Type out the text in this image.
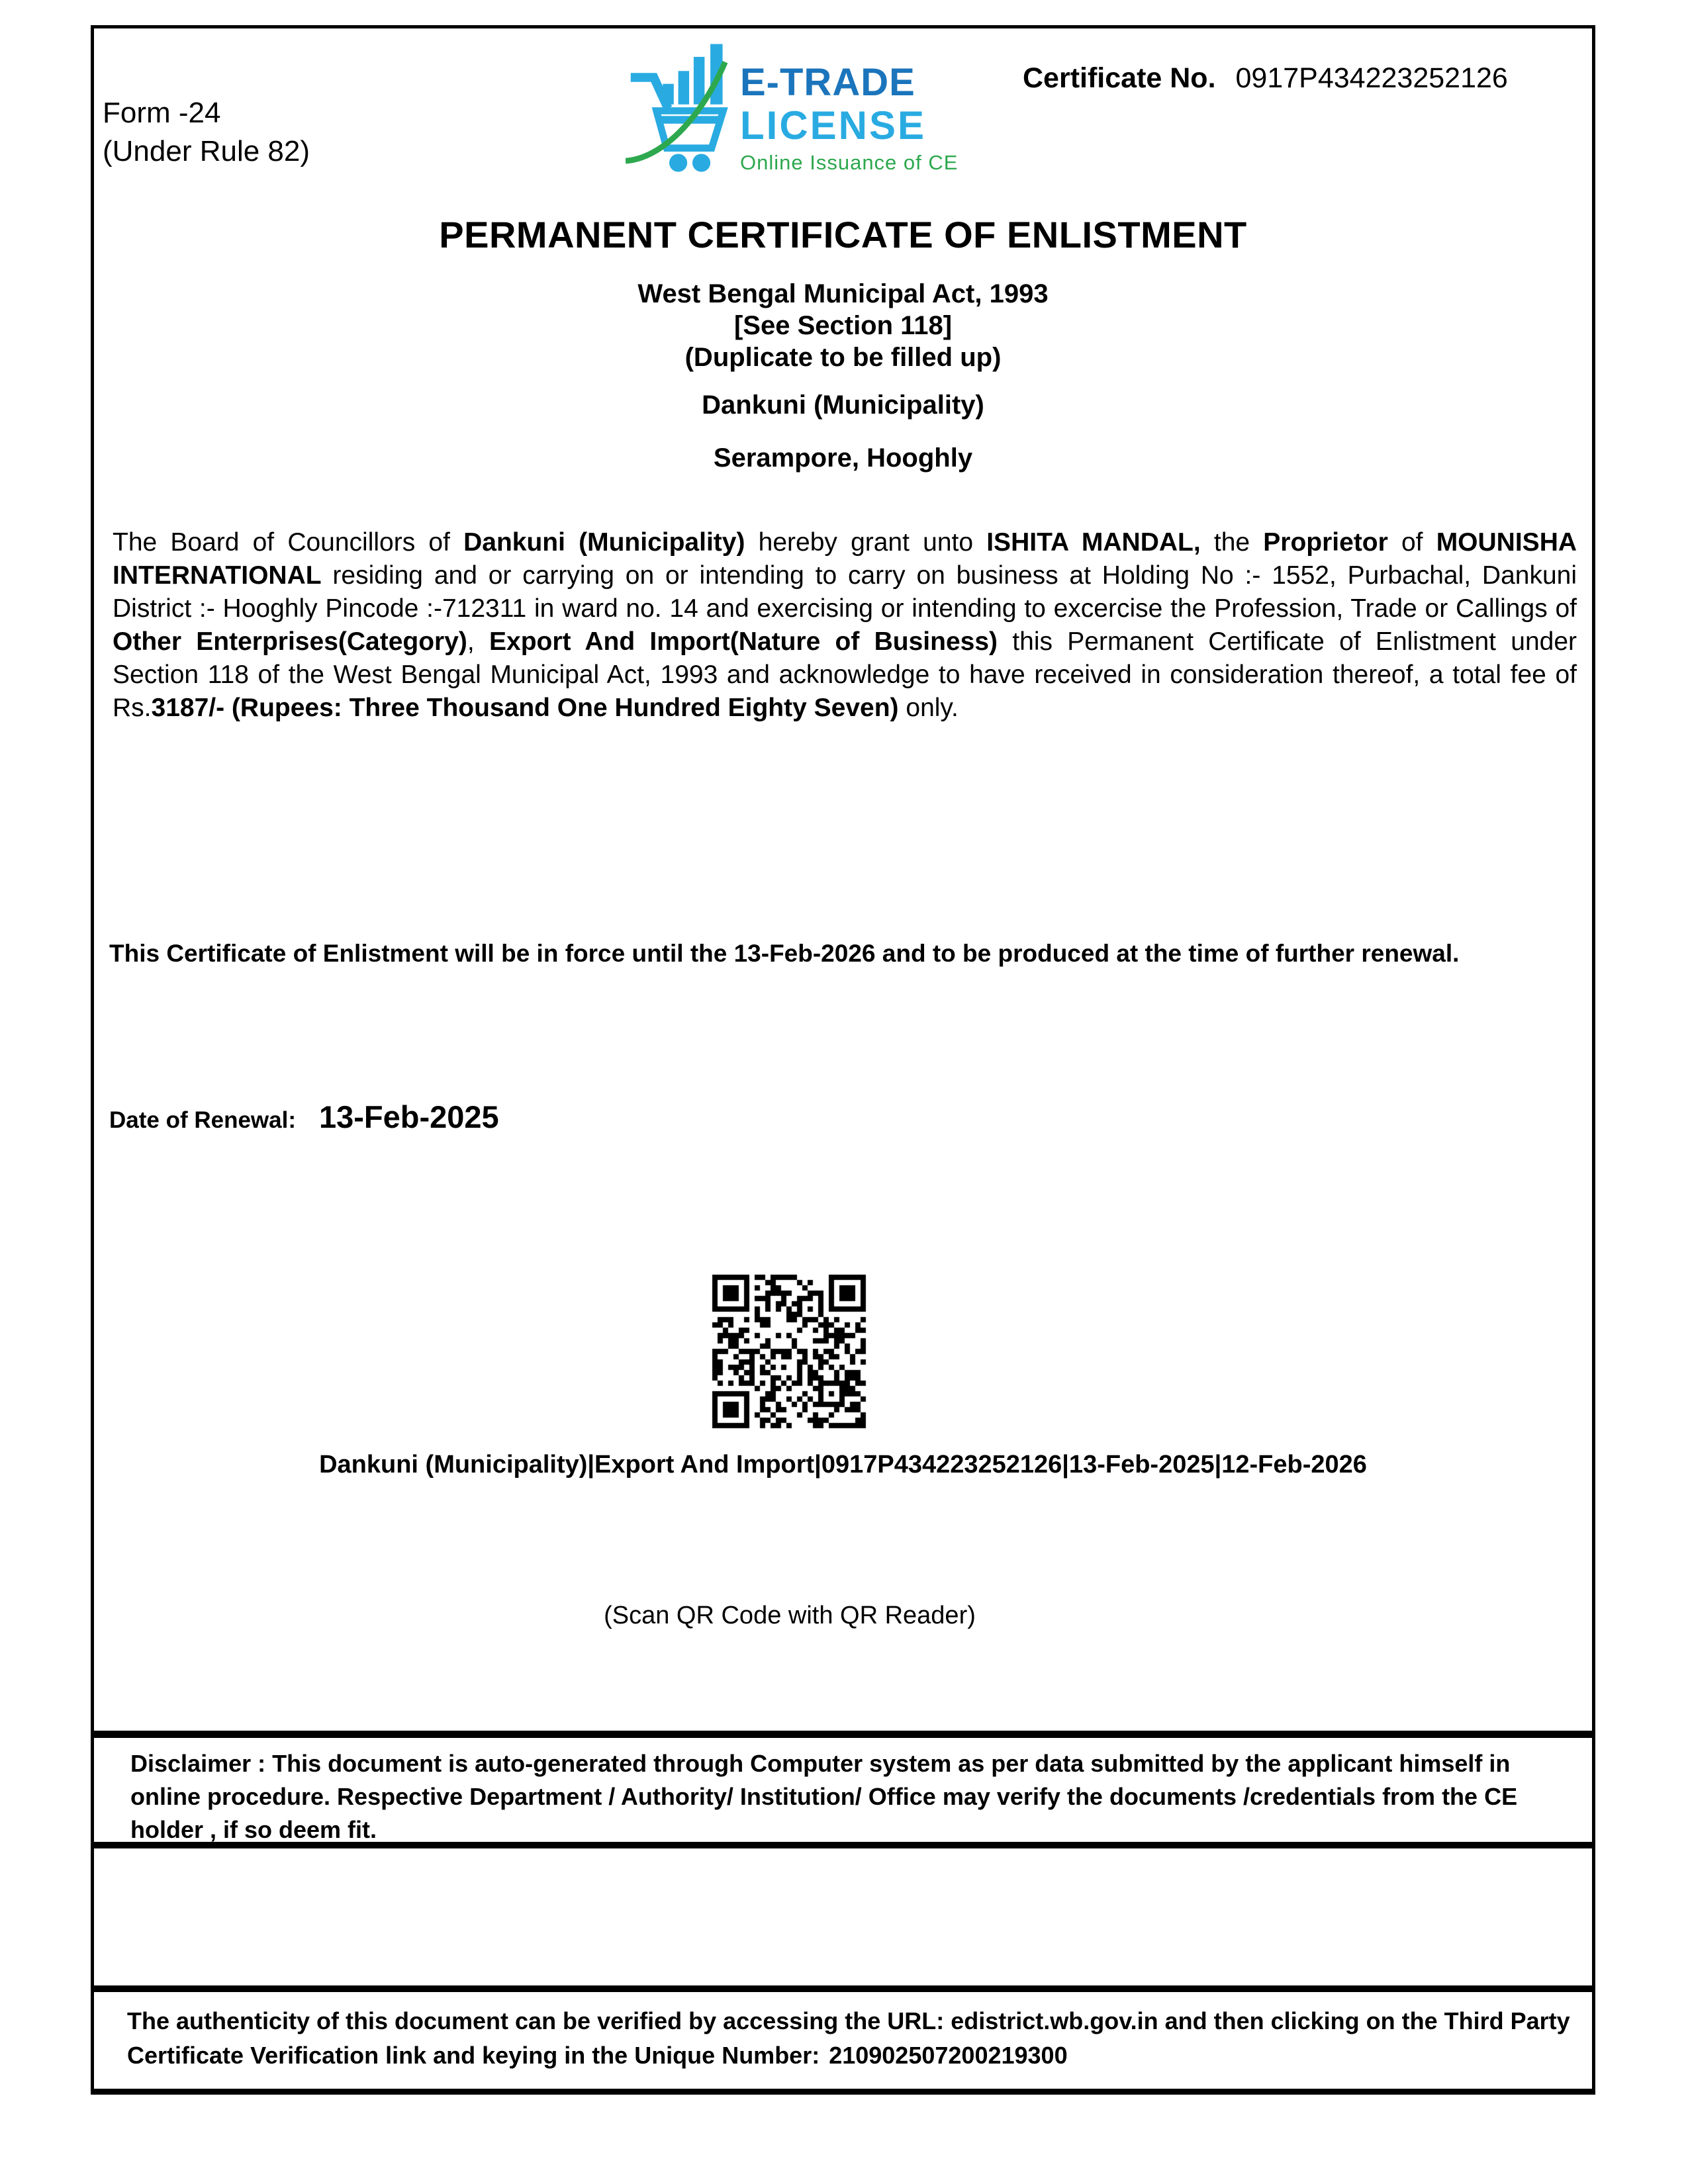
Form -24
(Under Rule 82)
Certificate No. 0917P434223252126
E-TRADE
LICENSE
Online Issuance of CE
PERMANENT CERTIFICATE OF ENLISTMENT
West Bengal Municipal Act, 1993
[See Section 118]
(Duplicate to be filled up)
Dankuni (Municipality)
Serampore, Hooghly
The Board of Councillors of Dankuni (Municipality) hereby grant unto ISHITA MANDAL, the Proprietor of MOUNISHA INTERNATIONAL residing and or carrying on or intending to carry on business at Holding No :- 1552, Purbachal, Dankuni District :- Hooghly Pincode :-712311 in ward no. 14 and exercising or intending to excercise the Profession, Trade or Callings of Other Enterprises(Category), Export And Import(Nature of Business) this Permanent Certificate of Enlistment under Section 118 of the West Bengal Municipal Act, 1993 and acknowledge to have received in consideration thereof, a total fee of Rs.3187/- (Rupees: Three Thousand One Hundred Eighty Seven) only.
This Certificate of Enlistment will be in force until the 13-Feb-2026 and to be produced at the time of further renewal.
Date of Renewal: 13-Feb-2025
Dankuni (Municipality)|Export And Import|0917P434223252126|13-Feb-2025|12-Feb-2026
(Scan QR Code with QR Reader)
Disclaimer : This document is auto-generated through Computer system as per data submitted by the applicant himself in online procedure. Respective Department / Authority/ Institution/ Office may verify the documents /credentials from the CE holder , if so deem fit.
The authenticity of this document can be verified by accessing the URL: edistrict.wb.gov.in and then clicking on the Third Party Certificate Verification link and keying in the Unique Number: 210902507200219300
